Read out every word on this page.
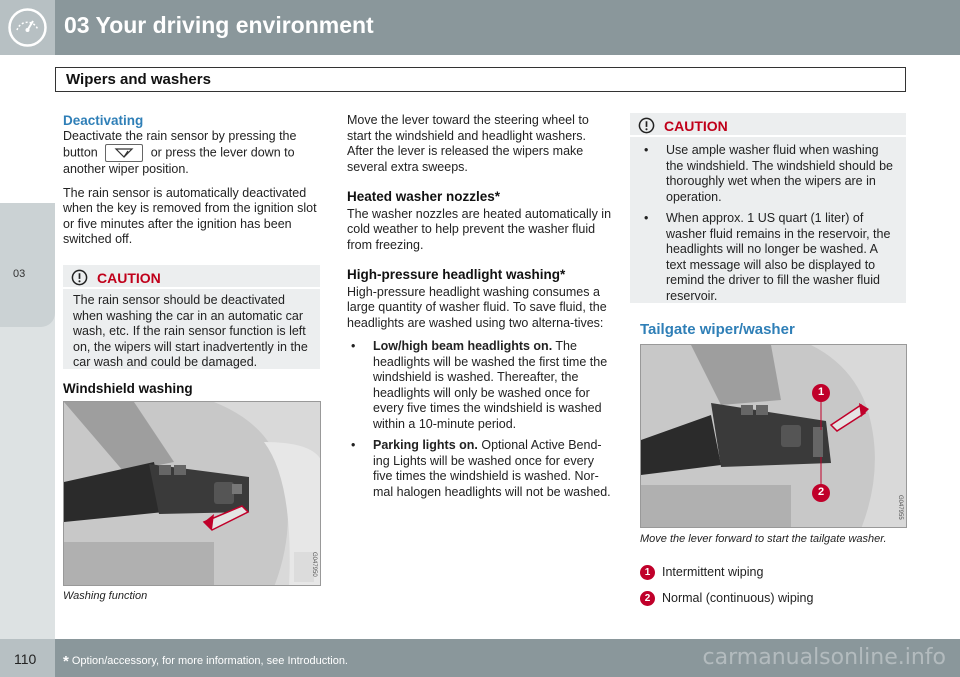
03 Your driving environment
03
Wipers and washers
Deactivating

Deactivate the rain sensor by pressing the button	or press the lever down to another wiper position.

The rain sensor is automatically deactivated when the key is removed from the ignition slot or five minutes after the ignition has been switched off.

CAUTION
The rain sensor should be deactivated when washing the car in an automatic car wash, etc. If the rain sensor function is left on, the wipers will start inadvertently in the car wash and could be damaged.
Windshield washing
G047950
Washing function

Move the lever toward the steering wheel to start the windshield and headlight washers. After the lever is released the wipers make several extra sweeps.

Heated washer nozzles*

The washer nozzles are heated automatically in cold weather to help prevent the washer fluid from freezing.

High-pressure headlight washing*

High-pressure headlight washing consumes a large quantity of washer fluid. To save fluid, the headlights are washed using two alterna-tives:

• Low/high beam headlights on. The headlights will be washed the first time the windshield is washed. Thereafter, the headlights will only be washed once for every five times the windshield is washed within a 10-minute period.
• Parking lights on. Optional Active Bend-ing Lights will be washed once for every five times the windshield is washed. Nor-mal halogen headlights will not be washed.
CAUTION
• Use ample washer fluid when washing the windshield. The windshield should be thoroughly wet when the wipers are in operation.
• When approx. 1 US quart (1 liter) of washer fluid remains in the reservoir, the headlights will no longer be washed. A text message will also be displayed to remind the driver to fill the washer fluid reservoir.
Tailgate wiper/washer
1
2
G047955
Move the lever forward to start the tailgate washer.
1 Intermittent wiping
2 Normal (continuous) wiping
110 * Option/accessory, for more information, see Introduction.	carmanualsonline.info
